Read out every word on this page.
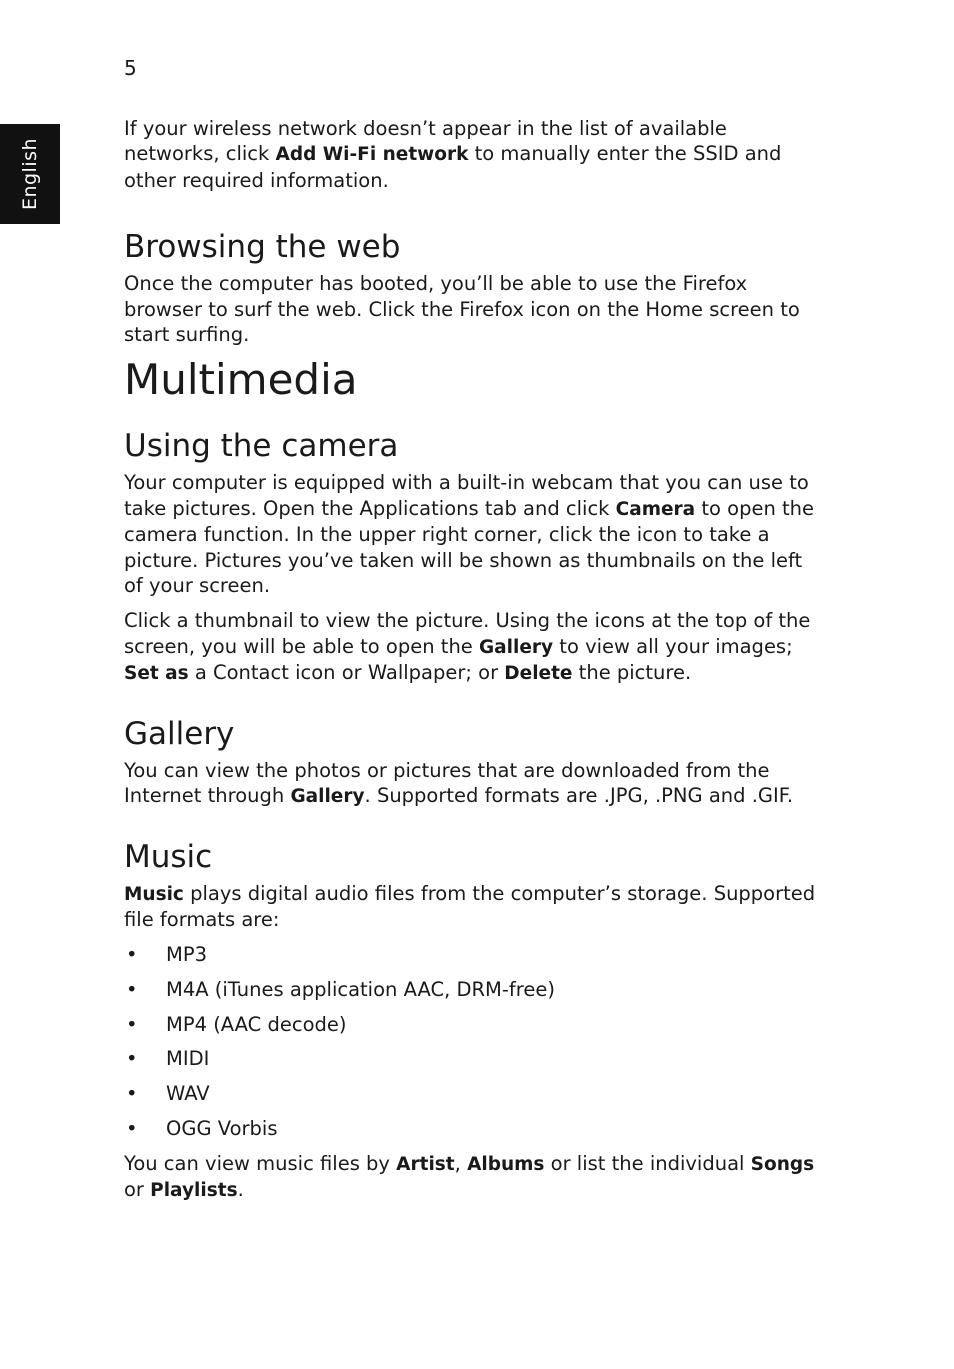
5
English

If your wireless network doesn’t appear in the list of available networks, click Add Wi-Fi network to manually enter the SSID and other required information.

Browsing the web

Once the computer has booted, you’ll be able to use the Firefox browser to surf the web. Click the Firefox icon on the Home screen to start surfing.

Multimedia
Using the camera

Your computer is equipped with a built-in webcam that you can use to take pictures. Open the Applications tab and click Camera to open the camera function. In the upper right corner, click the icon to take a picture. Pictures you’ve taken will be shown as thumbnails on the left of your screen.

Click a thumbnail to view the picture. Using the icons at the top of the screen, you will be able to open the Gallery to view all your images; Set as a Contact icon or Wallpaper; or Delete the picture.

Gallery

You can view the photos or pictures that are downloaded from the Internet through Gallery. Supported formats are .JPG, .PNG and .GIF.

Music

Music plays digital audio files from the computer’s storage. Supported file formats are:

• MP3
• M4A (iTunes application AAC, DRM-free)
• MP4 (AAC decode)
• MIDI
• WAV
• OGG Vorbis

You can view music files by Artist, Albums or list the individual Songs or Playlists.
